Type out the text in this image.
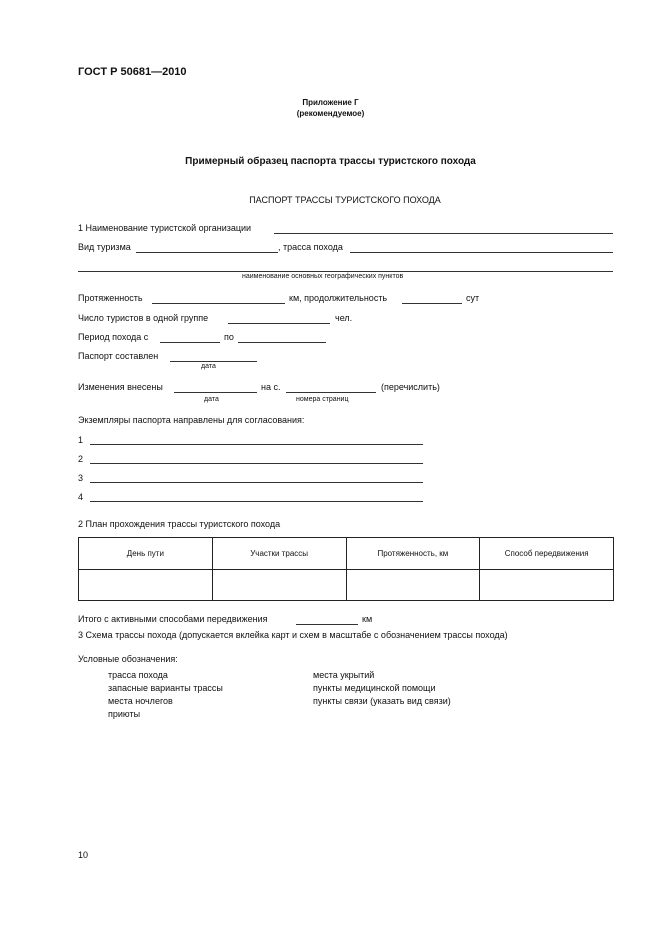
ГОСТ Р 50681—2010
Приложение Г
(рекомендуемое)
Примерный образец паспорта трассы туристского похода
ПАСПОРТ ТРАССЫ ТУРИСТСКОГО ПОХОДА
1 Наименование туристской организации
Вид туризма	, трасса похода
наименование основных географических пунктов
Протяженность	км, продолжительность	сут
Число туристов в одной группе	чел.
Период похода с	по
Паспорт составлен
дата
Изменения внесены	на с.	(перечислить)
дата	номера страниц
Экземпляры паспорта направлены для согласования:
1
2
3
4
2 План прохождения трассы туристского похода
День пути	Участки трассы	Протяженность, км	Способ передвижения

Итого с активными способами передвижения	км
3 Схема трассы похода (допускается вклейка карт и схем в масштабе с обозначением трассы похода)
Условные обозначения:
трасса похода
запасные варианты трассы
места ночлегов
приюты
места укрытий
пункты медицинской помощи
пункты связи (указать вид связи)
10
